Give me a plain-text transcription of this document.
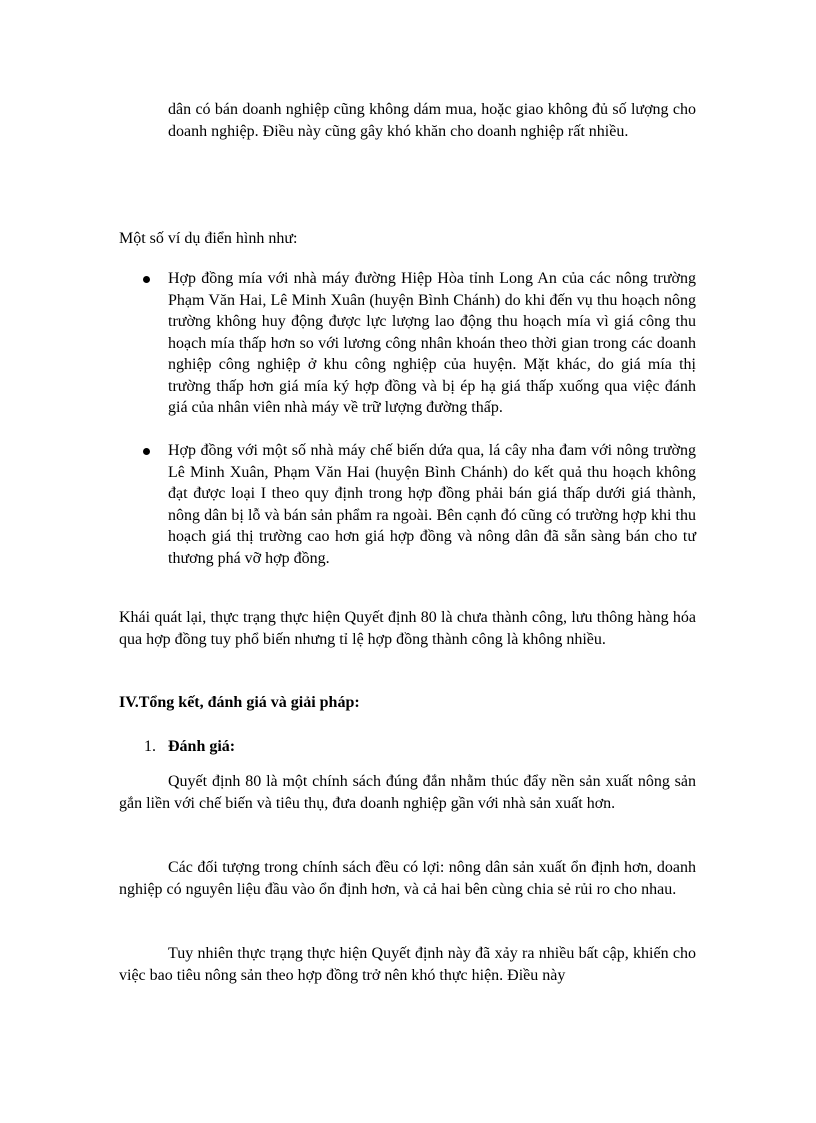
dân có bán doanh nghiệp cũng không dám mua, hoặc giao không đủ số lượng cho doanh nghiệp. Điều này cũng gây khó khăn cho doanh nghiệp rất nhiều.

Một số ví dụ điển hình như:

Hợp đồng mía với nhà máy đường Hiệp Hòa tỉnh Long An của các nông trường Phạm Văn Hai, Lê Minh Xuân (huyện Bình Chánh) do khi đến vụ thu hoạch nông trường không huy động được lực lượng lao động thu hoạch mía vì giá công thu hoạch mía thấp hơn so với lương công nhân khoán theo thời gian trong các doanh nghiệp công nghiệp ở khu công nghiệp của huyện. Mặt khác, do giá mía thị trường thấp hơn giá mía ký hợp đồng và bị ép hạ giá thấp xuống qua việc đánh giá của nhân viên nhà máy về trữ lượng đường thấp.
Hợp đồng với một số nhà máy chế biến dứa qua, lá cây nha đam với nông trường Lê Minh Xuân, Phạm Văn Hai (huyện Bình Chánh) do kết quả thu hoạch không đạt được loại I theo quy định trong hợp đồng phải bán giá thấp dưới giá thành, nông dân bị lỗ và bán sản phẩm ra ngoài. Bên cạnh đó cũng có trường hợp khi thu hoạch giá thị trường cao hơn giá hợp đồng và nông dân đã sẵn sàng bán cho tư thương phá vỡ hợp đồng.

Khái quát lại, thực trạng thực hiện Quyết định 80 là chưa thành công, lưu thông hàng hóa qua hợp đồng tuy phổ biến nhưng tỉ lệ hợp đồng thành công là không nhiều.

IV.Tổng kết, đánh giá và giải pháp:
1. Đánh giá:

Quyết định 80 là một chính sách đúng đắn nhằm thúc đẩy nền sản xuất nông sản gắn liền với chế biến và tiêu thụ, đưa doanh nghiệp gần với nhà sản xuất hơn.

Các đối tượng trong chính sách đều có lợi: nông dân sản xuất ổn định hơn, doanh nghiệp có nguyên liệu đầu vào ổn định hơn, và cả hai bên cùng chia sẻ rủi ro cho nhau.

Tuy nhiên thực trạng thực hiện Quyết định này đã xảy ra nhiều bất cập, khiến cho việc bao tiêu nông sản theo hợp đồng trở nên khó thực hiện. Điều này
